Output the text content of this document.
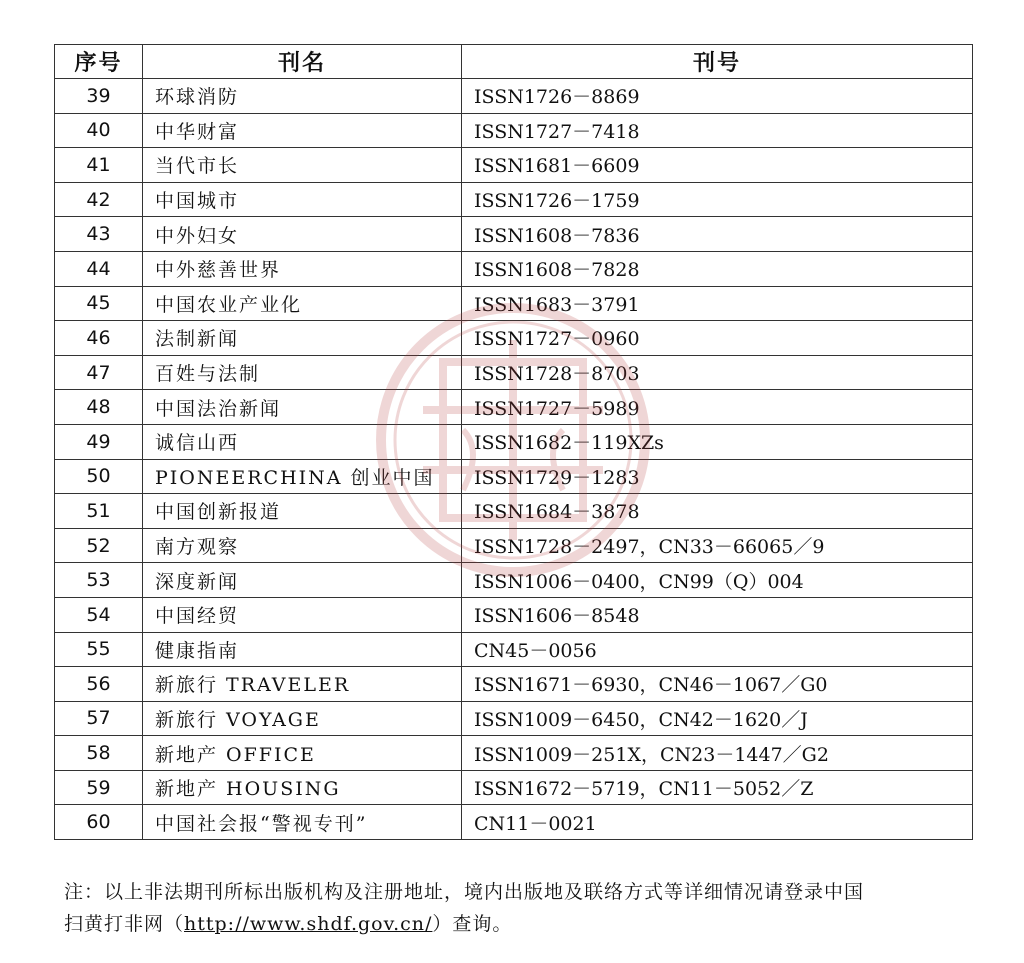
序号	刊名	刊号
39	环球消防	ISSN1726－8869
40	中华财富	ISSN1727－7418
41	当代市长	ISSN1681－6609
42	中国城市	ISSN1726－1759
43	中外妇女	ISSN1608－7836
44	中外慈善世界	ISSN1608－7828
45	中国农业产业化	ISSN1683－3791
46	法制新闻	ISSN1727－0960
47	百姓与法制	ISSN1728－8703
48	中国法治新闻	ISSN1727－5989
49	诚信山西	ISSN1682－119XZs
50	PIONEERCHINA 创业中国	ISSN1729－1283
51	中国创新报道	ISSN1684－3878
52	南方观察	ISSN1728－2497，CN33－66065／9
53	深度新闻	ISSN1006－0400，CN99（Q）004
54	中国经贸	ISSN1606－8548
55	健康指南	CN45－0056
56	新旅行 TRAVELER	ISSN1671－6930，CN46－1067／G0
57	新旅行 VOYAGE	ISSN1009－6450，CN42－1620／J
58	新地产 OFFICE	ISSN1009－251X，CN23－1447／G2
59	新地产 HOUSING	ISSN1672－5719，CN11－5052／Z
60	中国社会报“警视专刊”	CN11－0021
注：以上非法期刊所标出版机构及注册地址，境内出版地及联络方式等详细情况请登录中国
扫黄打非网（http://www.shdf.gov.cn/）查询。
